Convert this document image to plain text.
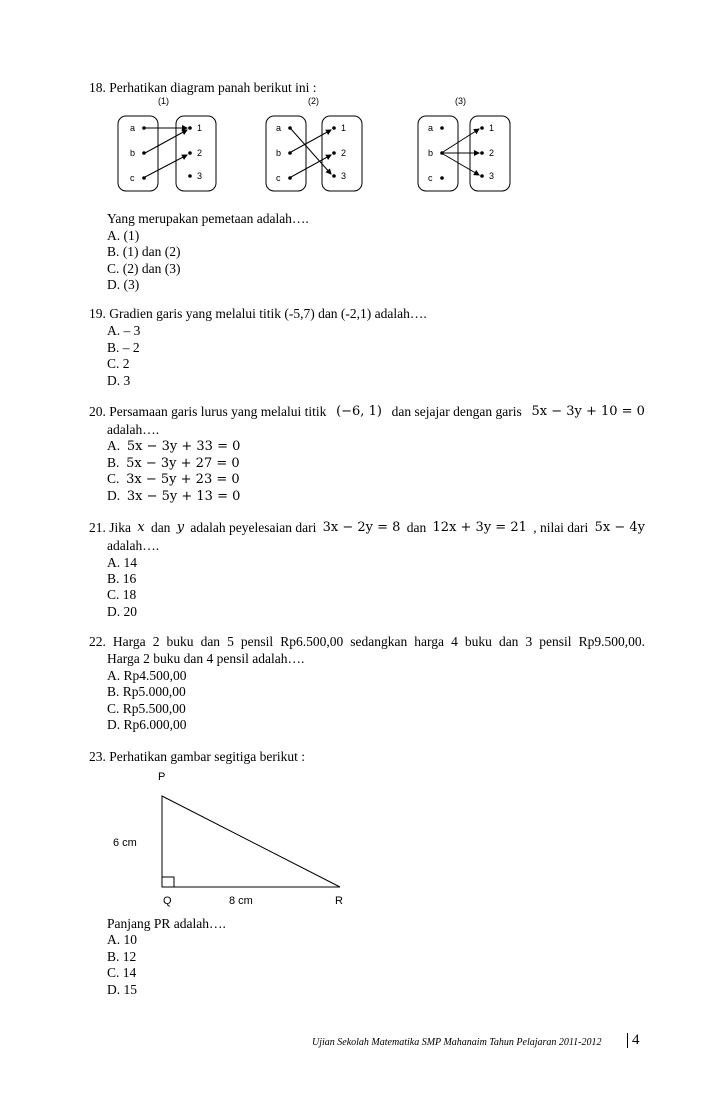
18. Perhatikan diagram panah berikut ini :
(1)	(2)	(3)
a
b
c
1
2
3
a
b
c
1
2
3
a
b
c
1
2
3
Yang merupakan pemetaan adalah….
A. (1)
B. (1) dan (2)
C. (2) dan (3)
D. (3)
19. Gradien garis yang melalui titik (-5,7) dan (-2,1) adalah….
A. – 3
B. – 2
C. 2
D. 3
20. Persamaan garis lurus yang melalui titik (−6, 1) dan sejajar dengan garis 5x − 3y + 10 = 0
adalah….
A. 5x − 3y + 33 = 0
B. 5x − 3y + 27 = 0
C. 3x − 5y + 23 = 0
D. 3x − 5y + 13 = 0
21. Jika x dan y adalah peyelesaian dari 3x − 2y = 8 dan 12x + 3y = 21 , nilai dari 5x − 4y
adalah….
A. 14
B. 16
C. 18
D. 20
22. Harga 2 buku dan 5 pensil Rp6.500,00 sedangkan harga 4 buku dan 3 pensil Rp9.500,00.
Harga 2 buku dan 4 pensil adalah….
A. Rp4.500,00
B. Rp5.000,00
C. Rp5.500,00
D. Rp6.000,00
23. Perhatikan gambar segitiga berikut :
P
6 cm
Q	8 cm	R
Panjang PR adalah….
A. 10
B. 12
C. 14
D. 15
Ujian Sekolah Matematika SMP Mahanaim Tahun Pelajaran 2011-2012	4
